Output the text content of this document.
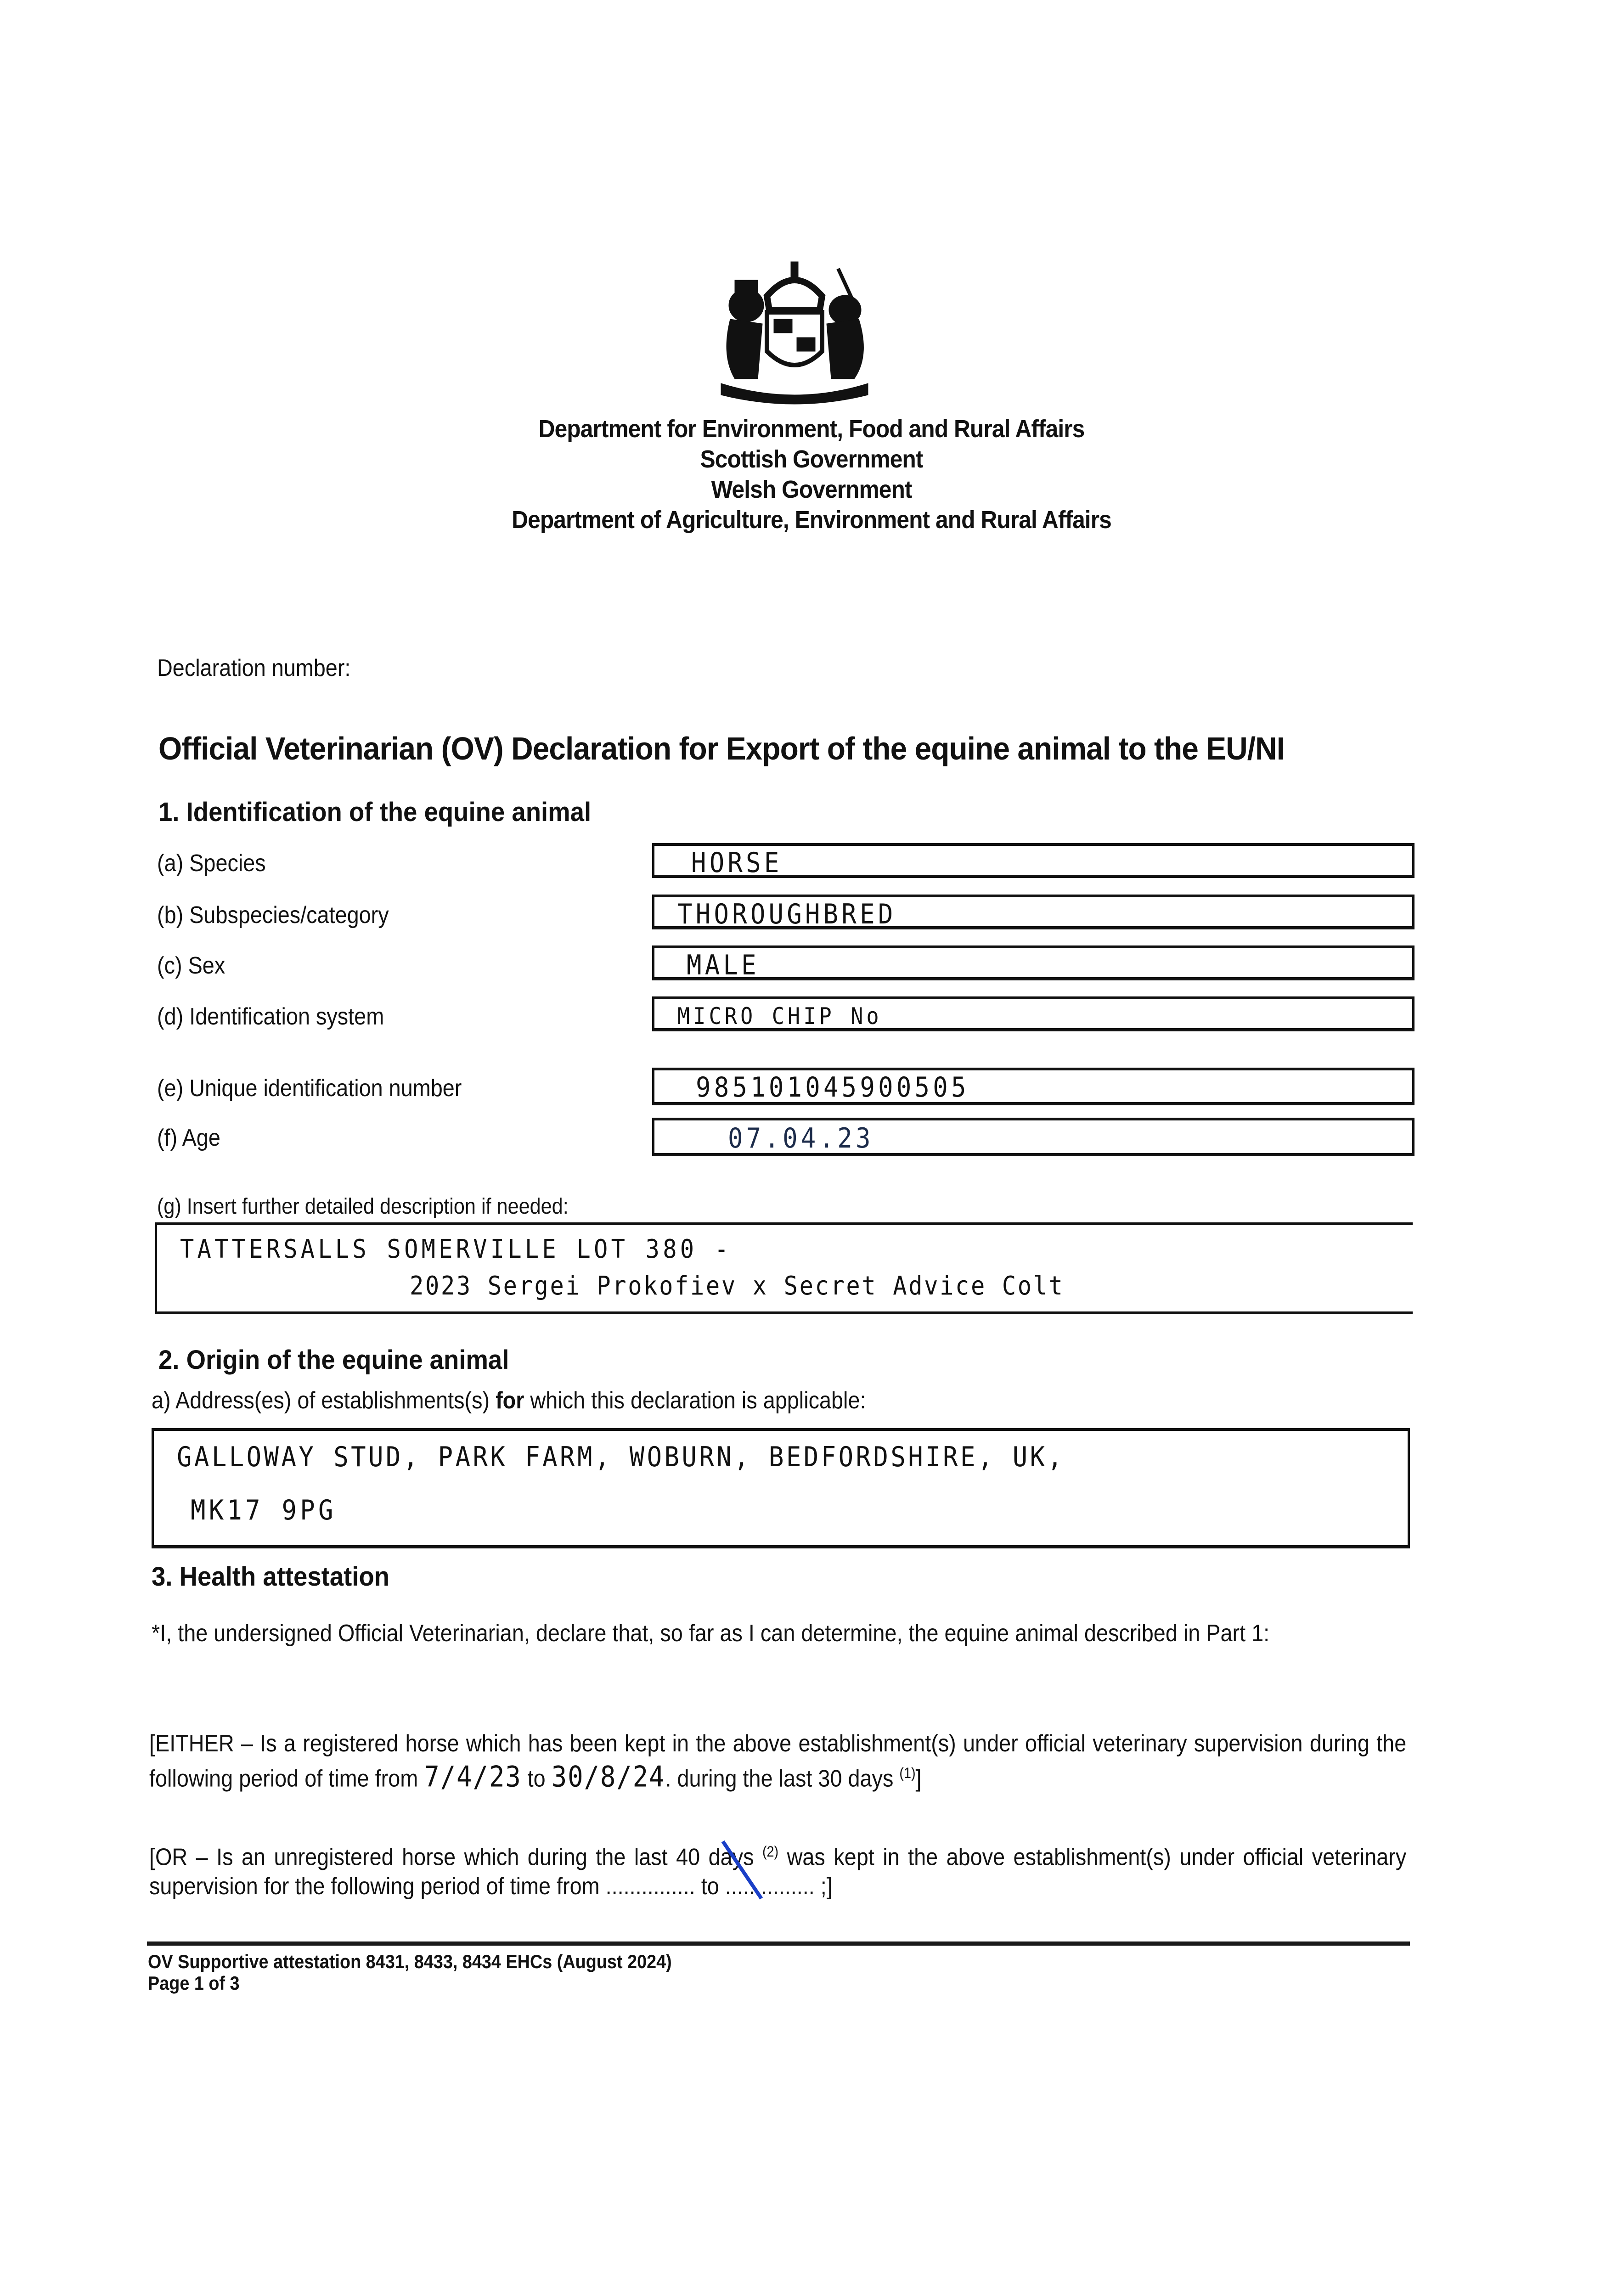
Department for Environment, Food and Rural Affairs
Scottish Government
Welsh Government
Department of Agriculture, Environment and Rural Affairs
Declaration number:
Official Veterinarian (OV) Declaration for Export of the equine animal to the EU/NI
1. Identification of the equine animal
(a) Species	HORSE
(b) Subspecies/category	THOROUGHBRED
(c) Sex	MALE
(d) Identification system	MICRO CHIP No
(e) Unique identification number	985101045900505
(f) Age	07.04.23
(g) Insert further detailed description if needed:
TATTERSALLS SOMERVILLE LOT 380 -
2023 Sergei Prokofiev x Secret Advice Colt
2. Origin of the equine animal
a) Address(es) of establishments(s) for which this declaration is applicable:
GALLOWAY STUD, PARK FARM, WOBURN, BEDFORDSHIRE, UK,
MK17 9PG
3. Health attestation
*I, the undersigned Official Veterinarian, declare that, so far as I can determine, the equine animal described in Part 1:
[EITHER – Is a registered horse which has been kept in the above establishment(s) under official veterinary supervision during the following period of time from 7/4/23 to 30/8/24. during the last 30 days $^{(1)}$]
[OR – Is an unregistered horse which during the last 40 days $^{(2)}$ was kept in the above establishment(s) under official veterinary supervision for the following period of time from ............... to ............... ;]
OV Supportive attestation 8431, 8433, 8434 EHCs (August 2024)
Page 1 of 3
